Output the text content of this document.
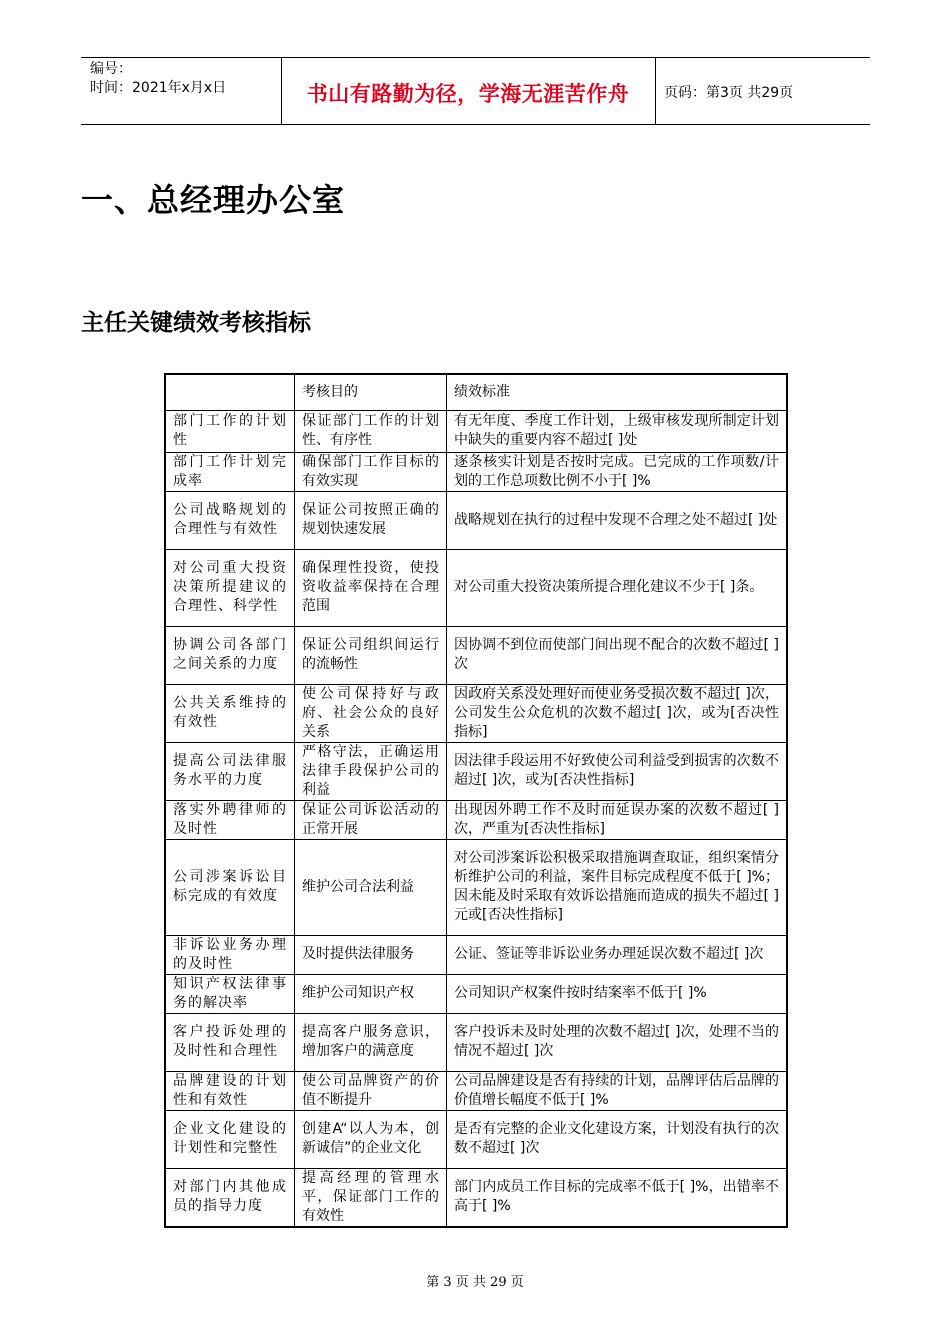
编号：
时间：2021年x月x日	书山有路勤为径，学海无涯苦作舟	页码：第3页 共29页
一、总经理办公室
主任关键绩效考核指标
	考核目的	绩效标准
部门工作的计划性	保证部门工作的计划性、有序性	有无年度、季度工作计划，上级审核发现所制定计划中缺失的重要内容不超过[ ]处
部门工作计划完成率	确保部门工作目标的有效实现	逐条核实计划是否按时完成。已完成的工作项数/计划的工作总项数比例不小于[ ]%
公司战略规划的合理性与有效性	保证公司按照正确的规划快速发展	战略规划在执行的过程中发现不合理之处不超过[ ]处
对公司重大投资决策所提建议的合理性、科学性	确保理性投资，使投资收益率保持在合理范围	对公司重大投资决策所提合理化建议不少于[ ]条。
协调公司各部门之间关系的力度	保证公司组织间运行的流畅性	因协调不到位而使部门间出现不配合的次数不超过[ ]次
公共关系维持的有效性	使公司保持好与政府、社会公众的良好关系	因政府关系没处理好而使业务受损次数不超过[ ]次，公司发生公众危机的次数不超过[ ]次，或为[否决性指标]
提高公司法律服务水平的力度	严格守法，正确运用法律手段保护公司的利益	因法律手段运用不好致使公司利益受到损害的次数不超过[ ]次，或为[否决性指标]
落实外聘律师的及时性	保证公司诉讼活动的正常开展	出现因外聘工作不及时而延误办案的次数不超过[ ]次，严重为[否决性指标]
公司涉案诉讼目标完成的有效度	维护公司合法利益	对公司涉案诉讼积极采取措施调查取证，组织案情分析维护公司的利益，案件目标完成程度不低于[ ]%；因未能及时采取有效诉讼措施而造成的损失不超过[ ]元或[否决性指标]
非诉讼业务办理的及时性	及时提供法律服务	公证、签证等非诉讼业务办理延误次数不超过[ ]次
知识产权法律事务的解决率	维护公司知识产权	公司知识产权案件按时结案率不低于[ ]%
客户投诉处理的及时性和合理性	提高客户服务意识，增加客户的满意度	客户投诉未及时处理的次数不超过[ ]次，处理不当的情况不超过[ ]次
品牌建设的计划性和有效性	使公司品牌资产的价值不断提升	公司品牌建设是否有持续的计划，品牌评估后品牌的价值增长幅度不低于[ ]%
企业文化建设的计划性和完整性	创建A“以人为本，创新诚信”的企业文化	是否有完整的企业文化建设方案，计划没有执行的次数不超过[ ]次
对部门内其他成员的指导力度	提高经理的管理水平，保证部门工作的有效性	部门内成员工作目标的完成率不低于[ ]%，出错率不高于[ ]%
第 3 页 共 29 页
